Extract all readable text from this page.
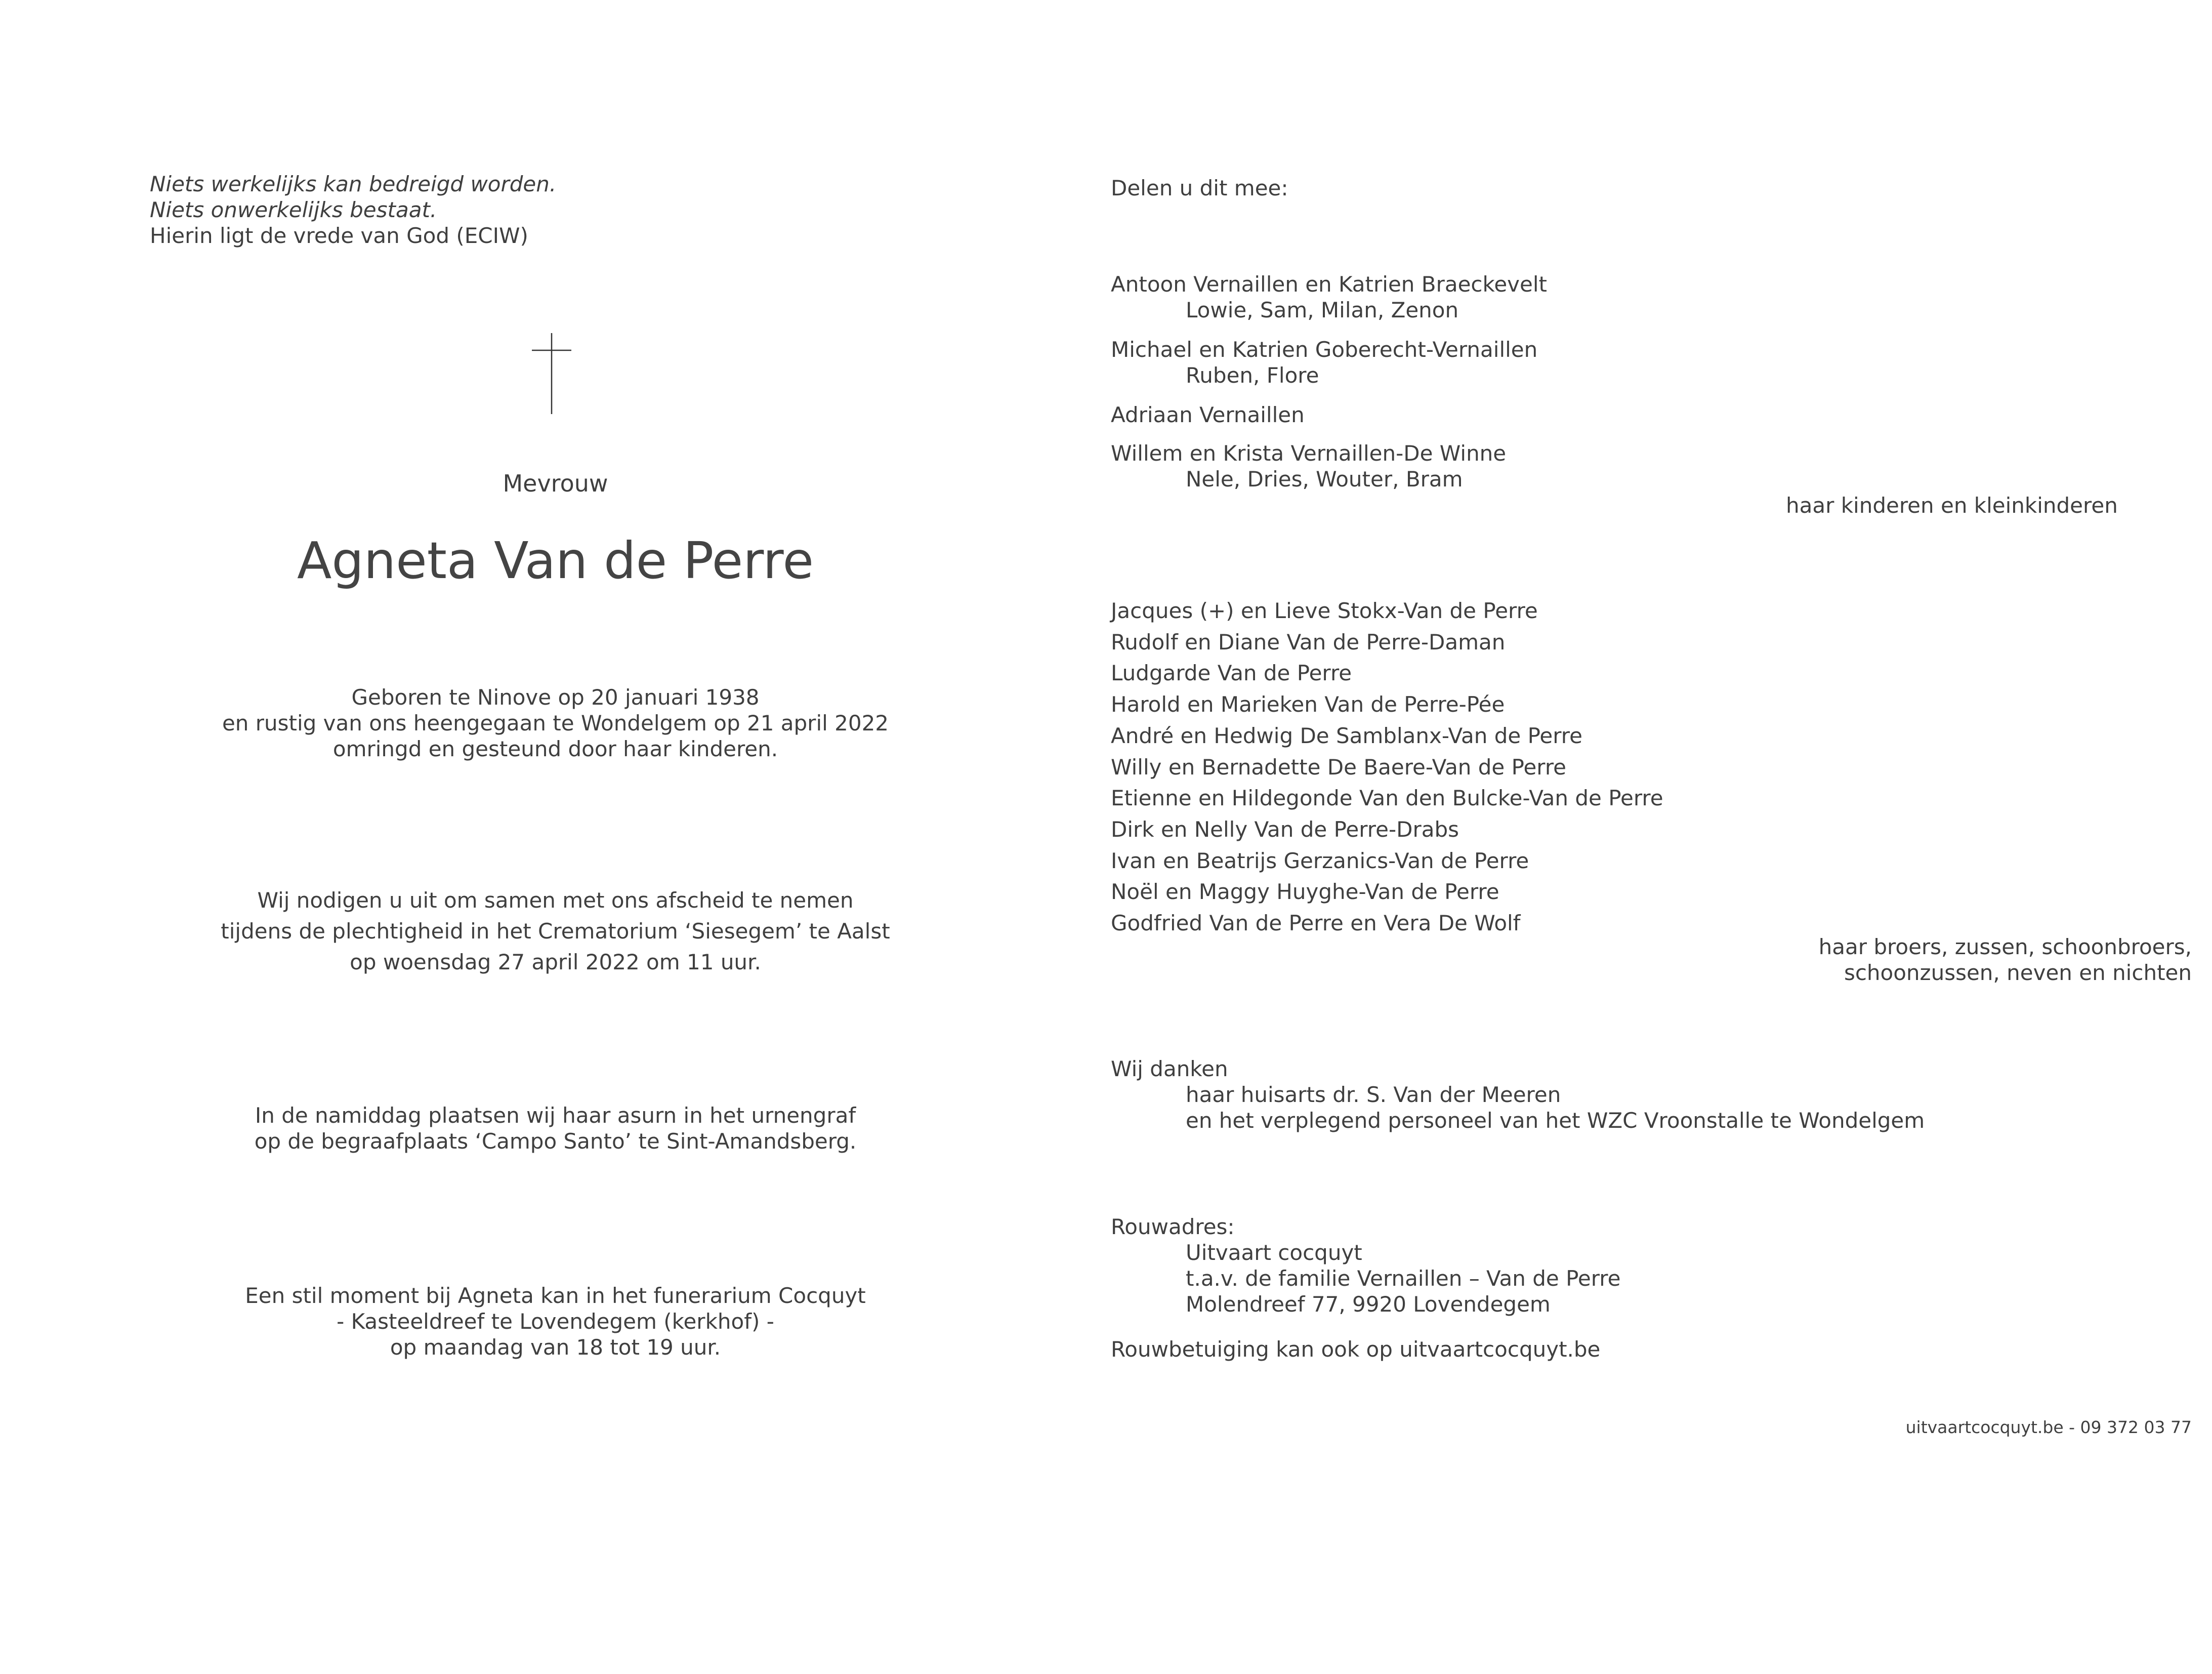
Niets werkelijks kan bedreigd worden.
Niets onwerkelijks bestaat.
Hierin ligt de vrede van God (ECIW)
Mevrouw
Agneta Van de Perre
Geboren te Ninove op 20 januari 1938
en rustig van ons heengegaan te Wondelgem op 21 april 2022
omringd en gesteund door haar kinderen.
Wij nodigen u uit om samen met ons afscheid te nemen
tijdens de plechtigheid in het Crematorium ‘Siesegem’ te Aalst
op woensdag 27 april 2022 om 11 uur.
In de namiddag plaatsen wij haar asurn in het urnengraf
op de begraafplaats ‘Campo Santo’ te Sint-Amandsberg.
Een stil moment bij Agneta kan in het funerarium Cocquyt
- Kasteeldreef te Lovendegem (kerkhof) -
op maandag van 18 tot 19 uur.
Delen u dit mee:
Antoon Vernaillen en Katrien Braeckevelt
Lowie, Sam, Milan, Zenon
Michael en Katrien Goberecht-Vernaillen
Ruben, Flore
Adriaan Vernaillen
Willem en Krista Vernaillen-De Winne
Nele, Dries, Wouter, Bram
haar kinderen en kleinkinderen
Jacques (+) en Lieve Stokx-Van de Perre
Rudolf en Diane Van de Perre-Daman
Ludgarde Van de Perre
Harold en Marieken Van de Perre-Pée
André en Hedwig De Samblanx-Van de Perre
Willy en Bernadette De Baere-Van de Perre
Etienne en Hildegonde Van den Bulcke-Van de Perre
Dirk en Nelly Van de Perre-Drabs
Ivan en Beatrijs Gerzanics-Van de Perre
Noël en Maggy Huyghe-Van de Perre
Godfried Van de Perre en Vera De Wolf
haar broers, zussen, schoonbroers,
schoonzussen, neven en nichten
Wij danken
haar huisarts dr. S. Van der Meeren
en het verplegend personeel van het WZC Vroonstalle te Wondelgem
Rouwadres:
Uitvaart cocquyt
t.a.v. de familie Vernaillen – Van de Perre
Molendreef 77, 9920 Lovendegem
Rouwbetuiging kan ook op uitvaartcocquyt.be
uitvaartcocquyt.be - 09 372 03 77
